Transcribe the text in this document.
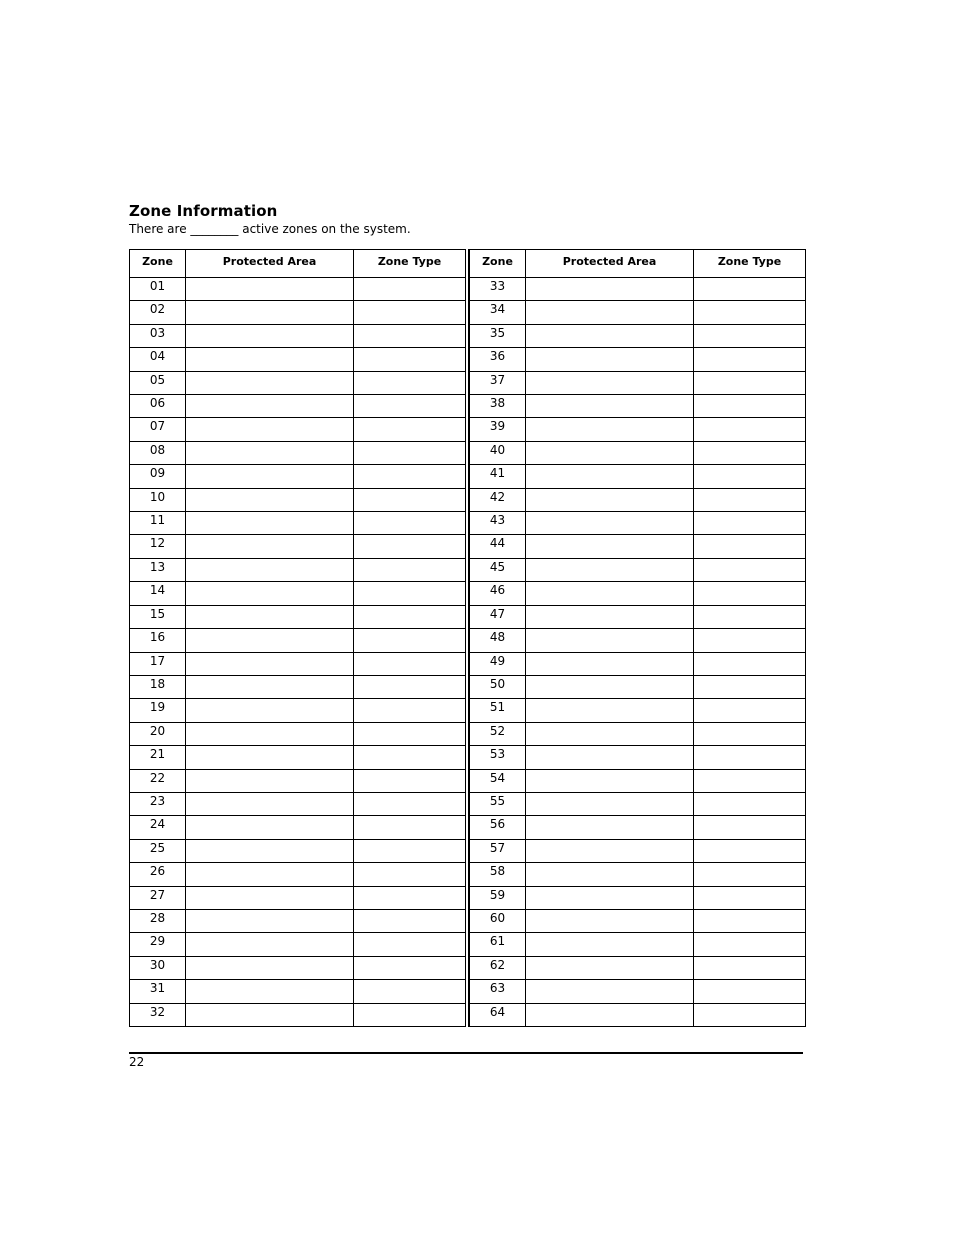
Zone Information
There are ________ active zones on the system.
Zone	Protected Area	Zone Type
01		
02		
03		
04		
05		
06		
07		
08		
09		
10		
11		
12		
13		
14		
15		
16		
17		
18		
19		
20		
21		
22		
23		
24		
25		
26		
27		
28		
29		
30		
31		
32		
Zone	Protected Area	Zone Type
33		
34		
35		
36		
37		
38		
39		
40		
41		
42		
43		
44		
45		
46		
47		
48		
49		
50		
51		
52		
53		
54		
55		
56		
57		
58		
59		
60		
61		
62		
63		
64		
22
